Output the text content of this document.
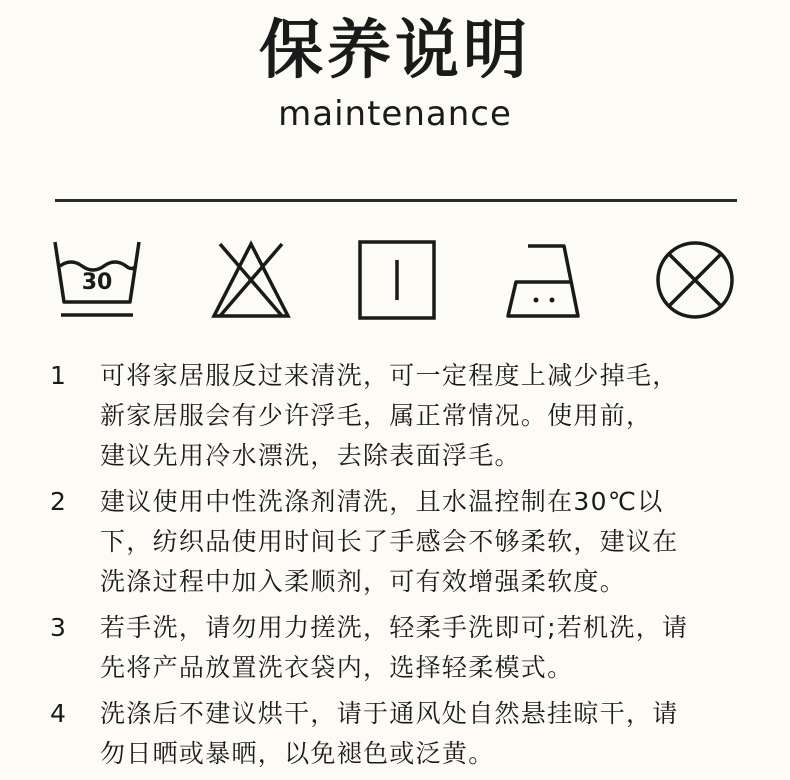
保养说明
maintenance
30
1	可将家居服反过来清洗，可一定程度上减少掉毛，
新家居服会有少许浮毛，属正常情况。使用前，
建议先用冷水漂洗，去除表面浮毛。
2	建议使用中性洗涤剂清洗，且水温控制在30℃以
下，纺织品使用时间长了手感会不够柔软，建议在
洗涤过程中加入柔顺剂，可有效增强柔软度。
3	若手洗，请勿用力搓洗，轻柔手洗即可;若机洗，请
先将产品放置洗衣袋内，选择轻柔模式。
4	洗涤后不建议烘干，请于通风处自然悬挂晾干，请
勿日晒或暴晒，以免褪色或泛黄。
